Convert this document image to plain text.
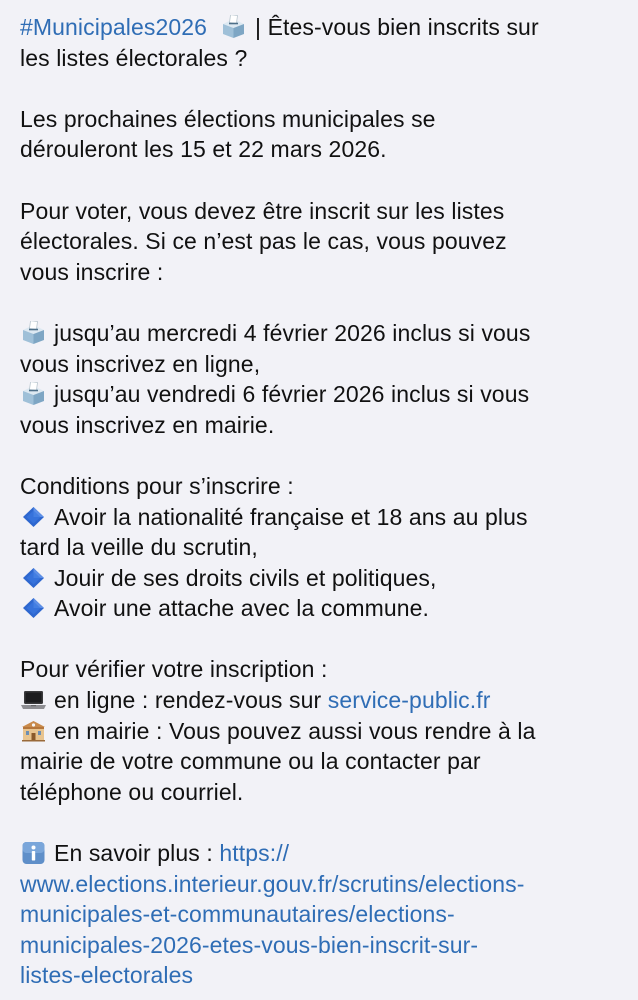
#Municipales2026 | Êtes-vous bien inscrits sur
les listes électorales ?
Les prochaines élections municipales se
dérouleront les 15 et 22 mars 2026.
Pour voter, vous devez être inscrit sur les listes
électorales. Si ce n’est pas le cas, vous pouvez
vous inscrire :
jusqu’au mercredi 4 février 2026 inclus si vous
vous inscrivez en ligne,
jusqu’au vendredi 6 février 2026 inclus si vous
vous inscrivez en mairie.
Conditions pour s’inscrire :
Avoir la nationalité française et 18 ans au plus
tard la veille du scrutin,
Jouir de ses droits civils et politiques,
Avoir une attache avec la commune.
Pour vérifier votre inscription :
en ligne : rendez-vous sur service-public.fr
en mairie : Vous pouvez aussi vous rendre à la
mairie de votre commune ou la contacter par
téléphone ou courriel.
En savoir plus : https://
www.elections.interieur.gouv.fr/scrutins/elections-
municipales-et-communautaires/elections-
municipales-2026-etes-vous-bien-inscrit-sur-
listes-electorales
